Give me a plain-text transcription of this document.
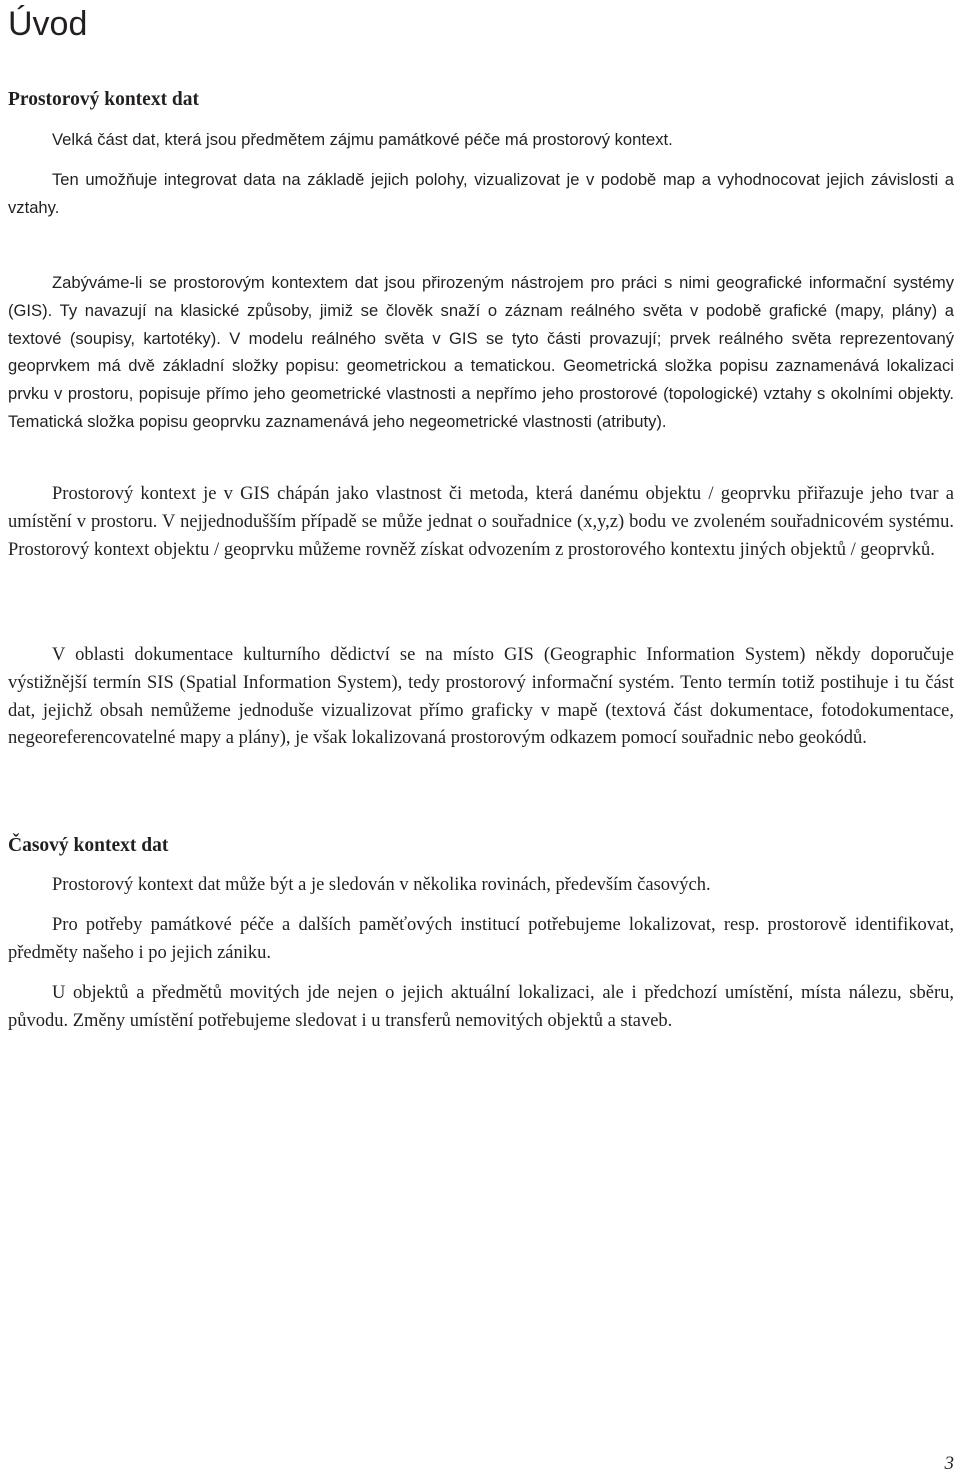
Úvod
Prostorový kontext dat

Velká část dat, která jsou předmětem zájmu památkové péče má prostorový kontext.

Ten umožňuje integrovat data na základě jejich polohy, vizualizovat je v podobě map a vyhodnocovat jejich závislosti a vztahy.

Zabýváme-li se prostorovým kontextem dat jsou přirozeným nástrojem pro práci s nimi geografické informační systémy (GIS). Ty navazují na klasické způsoby, jimiž se člověk snaží o záznam reálného světa v podobě grafické (mapy, plány) a textové (soupisy, kartotéky). V modelu reálného světa v GIS se tyto části provazují; prvek reálného světa reprezentovaný geoprvkem má dvě základní složky popisu: geometrickou a tematickou. Geometrická složka popisu zaznamenává lokalizaci prvku v prostoru, popisuje přímo jeho geometrické vlastnosti a nepřímo jeho prostorové (topologické) vztahy s okolními objekty. Tematická složka popisu geoprvku zaznamenává jeho negeometrické vlastnosti (atributy).

Prostorový kontext je v GIS chápán jako vlastnost či metoda, která danému objektu / geoprvku přiřazuje jeho tvar a umístění v prostoru. V nejjednodušším případě se může jednat o souřadnice (x,y,z) bodu ve zvoleném souřadnicovém systému. Prostorový kontext objektu / geoprvku můžeme rovněž získat odvozením z prostorového kontextu jiných objektů / geoprvků.

V oblasti dokumentace kulturního dědictví se na místo GIS (Geographic Information System) někdy doporučuje výstižnější termín SIS (Spatial Information System), tedy prostorový informační systém. Tento termín totiž postihuje i tu část dat, jejichž obsah nemůžeme jednoduše vizualizovat přímo graficky v mapě (textová část dokumentace, fotodokumentace, negeoreferencovatelné mapy a plány), je však lokalizovaná prostorovým odkazem pomocí souřadnic nebo geokódů.

Časový kontext dat

Prostorový kontext dat může být a je sledován v několika rovinách, především časových.

Pro potřeby památkové péče a dalších paměťových institucí potřebujeme lokalizovat, resp. prostorově identifikovat, předměty našeho i po jejich zániku.

U objektů a předmětů movitých jde nejen o jejich aktuální lokalizaci, ale i předchozí umístění, místa nálezu, sběru, původu. Změny umístění potřebujeme sledovat i u transferů nemovitých objektů a staveb.

3
